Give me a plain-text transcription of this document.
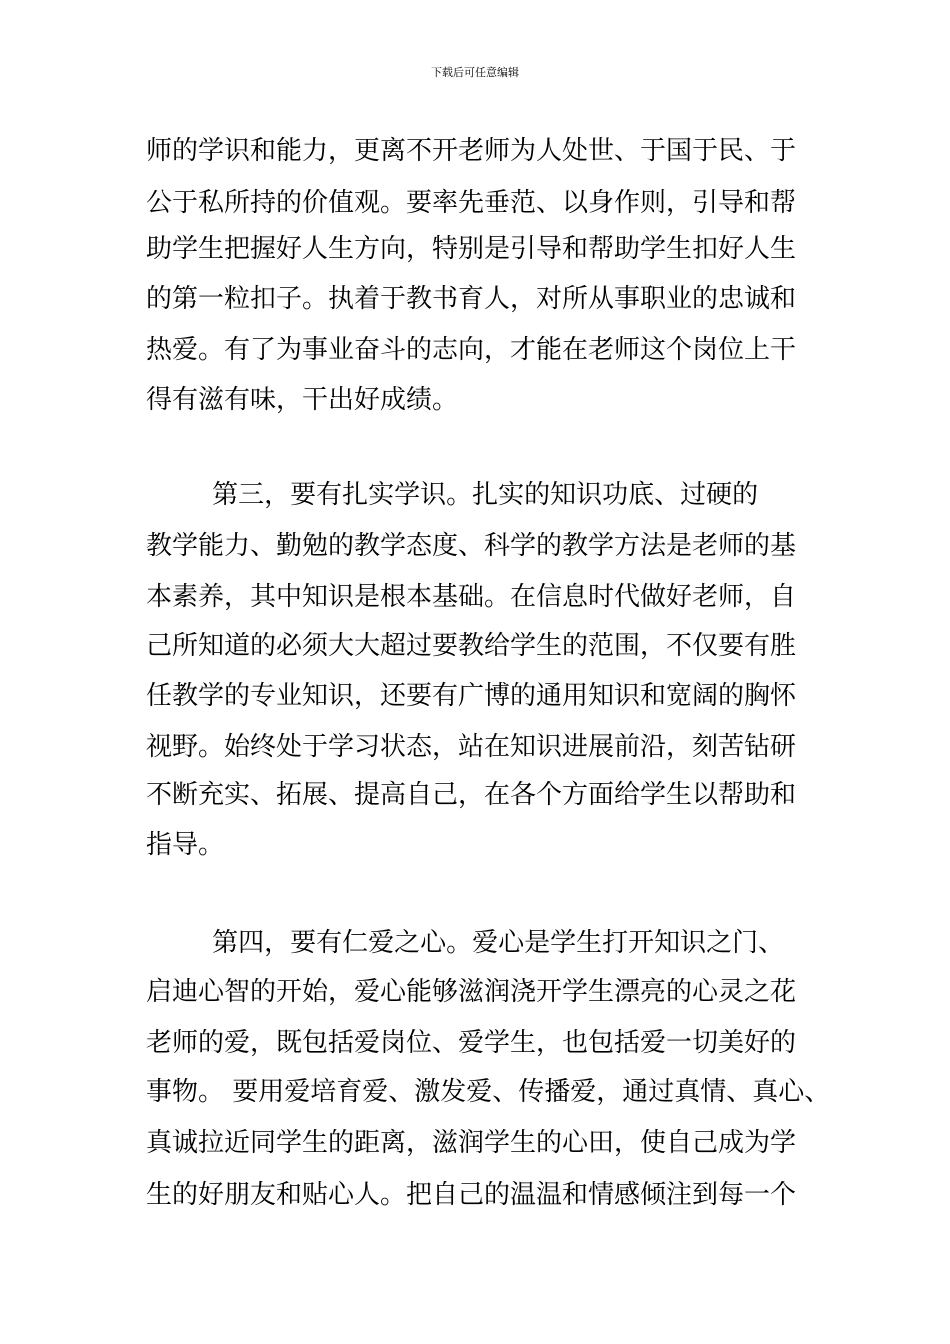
下载后可任意编辑
师的学识和能力，更离不开老师为人处世、于国于民、于
公于私所持的价值观。要率先垂范、以身作则，引导和帮
助学生把握好人生方向，特别是引导和帮助学生扣好人生
的第一粒扣子。执着于教书育人，对所从事职业的忠诚和
热爱。有了为事业奋斗的志向，才能在老师这个岗位上干
得有滋有味，干出好成绩。
第三，要有扎实学识。扎实的知识功底、过硬的
教学能力、勤勉的教学态度、科学的教学方法是老师的基
本素养，其中知识是根本基础。在信息时代做好老师，自
己所知道的必须大大超过要教给学生的范围，不仅要有胜
任教学的专业知识，还要有广博的通用知识和宽阔的胸怀
视野。始终处于学习状态，站在知识进展前沿，刻苦钻研
不断充实、拓展、提高自己，在各个方面给学生以帮助和
指导。
第四，要有仁爱之心。爱心是学生打开知识之门、
启迪心智的开始，爱心能够滋润浇开学生漂亮的心灵之花
老师的爱，既包括爱岗位、爱学生，也包括爱一切美好的
事物。 要用爱培育爱、激发爱、传播爱，通过真情、真心、
真诚拉近同学生的距离，滋润学生的心田，使自己成为学
生的好朋友和贴心人。把自己的温温和情感倾注到每一个
